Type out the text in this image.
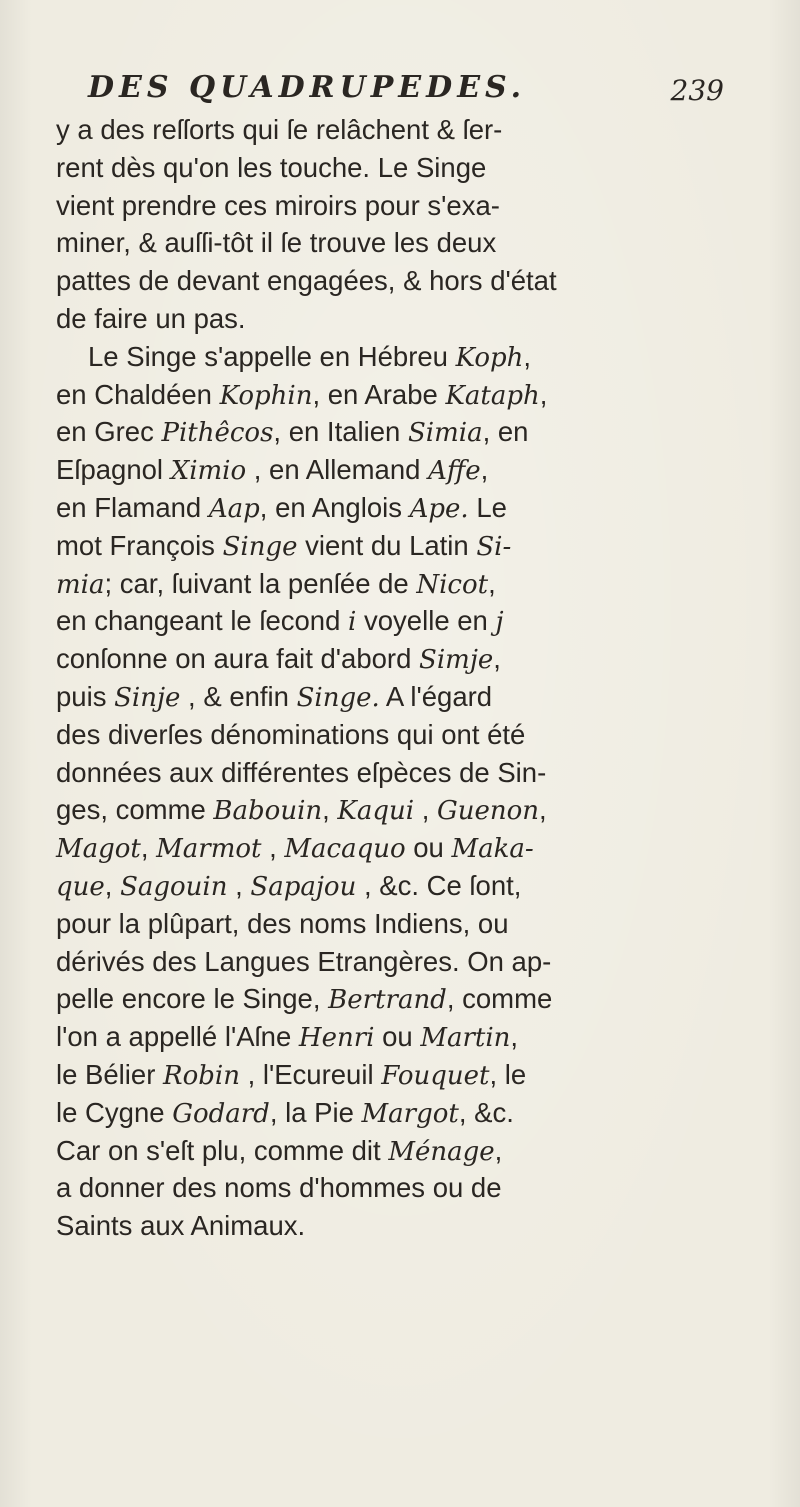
DES QUADRUPEDES.	239
y a des reſſorts qui ſe relâchent & ſer-
rent dès qu'on les touche. Le Singe
vient prendre ces miroirs pour s'exa-
miner, & auſſi-tôt il ſe trouve les deux
pattes de devant engagées, & hors d'état
de faire un pas.
Le Singe s'appelle en Hébreu Koph,
en Chaldéen Kophin, en Arabe Kataph,
en Grec Pithêcos, en Italien Simia, en
Eſpagnol Ximio , en Allemand Affe,
en Flamand Aap, en Anglois Ape. Le
mot François Singe vient du Latin Si-
mia; car, ſuivant la penſée de Nicot,
en changeant le ſecond i voyelle en j
conſonne on aura fait d'abord Simje,
puis Sinje , & enfin Singe. A l'égard
des diverſes dénominations qui ont été
données aux différentes eſpèces de Sin-
ges, comme Babouin, Kaqui , Guenon,
Magot, Marmot , Macaquo ou Maka-
que, Sagouin , Sapajou , &c. Ce ſont,
pour la plûpart, des noms Indiens, ou
dérivés des Langues Etrangères. On ap-
pelle encore le Singe, Bertrand, comme
l'on a appellé l'Aſne Henri ou Martin,
le Bélier Robin , l'Ecureuil Fouquet, le
le Cygne Godard, la Pie Margot, &c.
Car on s'eſt plu, comme dit Ménage,
a donner des noms d'hommes ou de
Saints aux Animaux.
